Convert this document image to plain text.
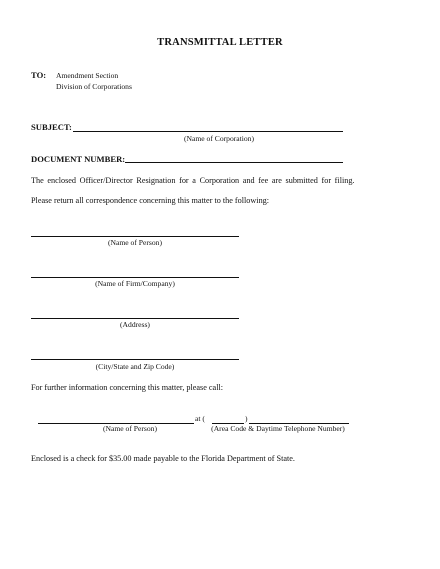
TRANSMITTAL LETTER
TO: Amendment Section
Division of Corporations
SUBJECT:
(Name of Corporation)
DOCUMENT NUMBER:
The enclosed Officer/Director Resignation for a Corporation and fee are submitted for filing.
Please return all correspondence concerning this matter to the following:
(Name of Person)
(Name of Firm/Company)
(Address)
(City/State and Zip Code)
For further information concerning this matter, please call:
at (	)
(Name of Person)	(Area Code & Daytime Telephone Number)
Enclosed is a check for $35.00 made payable to the Florida Department of State.
